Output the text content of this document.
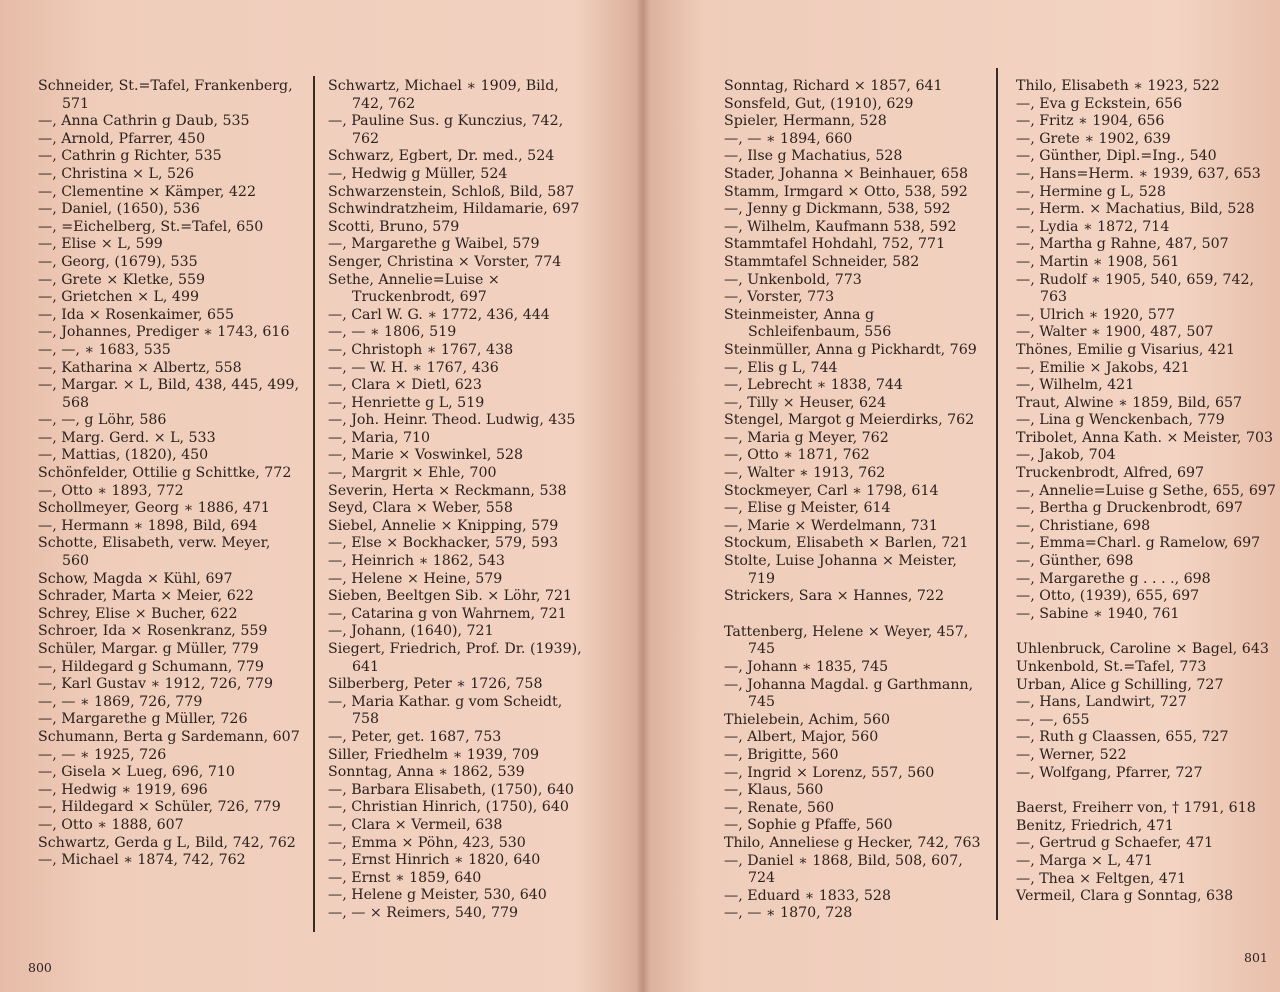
Schneider, St.=Tafel, Frankenberg, 571
—, Anna Cathrin g Daub, 535
—, Arnold, Pfarrer, 450
—, Cathrin g Richter, 535
—, Christina × L, 526
—, Clementine × Kämper, 422
—, Daniel, (1650), 536
—, =Eichelberg, St.=Tafel, 650
—, Elise × L, 599
—, Georg, (1679), 535
—, Grete × Kletke, 559
—, Grietchen × L, 499
—, Ida × Rosenkaimer, 655
—, Johannes, Prediger ∗ 1743, 616
—, —, ∗ 1683, 535
—, Katharina × Albertz, 558
—, Margar. × L, Bild, 438, 445, 499, 568
—, —, g Löhr, 586
—, Marg. Gerd. × L, 533
—, Mattias, (1820), 450
Schönfelder, Ottilie g Schittke, 772
—, Otto ∗ 1893, 772
Schollmeyer, Georg ∗ 1886, 471
—, Hermann ∗ 1898, Bild, 694
Schotte, Elisabeth, verw. Meyer, 560
Schow, Magda × Kühl, 697
Schrader, Marta × Meier, 622
Schrey, Elise × Bucher, 622
Schroer, Ida × Rosenkranz, 559
Schüler, Margar. g Müller, 779
—, Hildegard g Schumann, 779
—, Karl Gustav ∗ 1912, 726, 779
—, — ∗ 1869, 726, 779
—, Margarethe g Müller, 726
Schumann, Berta g Sardemann, 607
—, — ∗ 1925, 726
—, Gisela × Lueg, 696, 710
—, Hedwig ∗ 1919, 696
—, Hildegard × Schüler, 726, 779
—, Otto ∗ 1888, 607
Schwartz, Gerda g L, Bild, 742, 762
—, Michael ∗ 1874, 742, 762
Schwartz, Michael ∗ 1909, Bild, 742, 762
—, Pauline Sus. g Kunczius, 742, 762
Schwarz, Egbert, Dr. med., 524
—, Hedwig g Müller, 524
Schwarzenstein, Schloß, Bild, 587
Schwindratzheim, Hildamarie, 697
Scotti, Bruno, 579
—, Margarethe g Waibel, 579
Senger, Christina × Vorster, 774
Sethe, Annelie=Luise × Truckenbrodt, 697
—, Carl W. G. ∗ 1772, 436, 444
—, — ∗ 1806, 519
—, Christoph ∗ 1767, 438
—, — W. H. ∗ 1767, 436
—, Clara × Dietl, 623
—, Henriette g L, 519
—, Joh. Heinr. Theod. Ludwig, 435
—, Maria, 710
—, Marie × Voswinkel, 528
—, Margrit × Ehle, 700
Severin, Herta × Reckmann, 538
Seyd, Clara × Weber, 558
Siebel, Annelie × Knipping, 579
—, Else × Bockhacker, 579, 593
—, Heinrich ∗ 1862, 543
—, Helene × Heine, 579
Sieben, Beeltgen Sib. × Löhr, 721
—, Catarina g von Wahrnem, 721
—, Johann, (1640), 721
Siegert, Friedrich, Prof. Dr. (1939), 641
Silberberg, Peter ∗ 1726, 758
—, Maria Kathar. g vom Scheidt, 758
—, Peter, get. 1687, 753
Siller, Friedhelm ∗ 1939, 709
Sonntag, Anna ∗ 1862, 539
—, Barbara Elisabeth, (1750), 640
—, Christian Hinrich, (1750), 640
—, Clara × Vermeil, 638
—, Emma × Pöhn, 423, 530
—, Ernst Hinrich ∗ 1820, 640
—, Ernst ∗ 1859, 640
—, Helene g Meister, 530, 640
—, — × Reimers, 540, 779
800
Sonntag, Richard × 1857, 641
Sonsfeld, Gut, (1910), 629
Spieler, Hermann, 528
—, — ∗ 1894, 660
—, Ilse g Machatius, 528
Stader, Johanna × Beinhauer, 658
Stamm, Irmgard × Otto, 538, 592
—, Jenny g Dickmann, 538, 592
—, Wilhelm, Kaufmann 538, 592
Stammtafel Hohdahl, 752, 771
Stammtafel Schneider, 582
—, Unkenbold, 773
—, Vorster, 773
Steinmeister, Anna g Schleifenbaum, 556
Steinmüller, Anna g Pickhardt, 769
—, Elis g L, 744
—, Lebrecht ∗ 1838, 744
—, Tilly × Heuser, 624
Stengel, Margot g Meierdirks, 762
—, Maria g Meyer, 762
—, Otto ∗ 1871, 762
—, Walter ∗ 1913, 762
Stockmeyer, Carl ∗ 1798, 614
—, Elise g Meister, 614
—, Marie × Werdelmann, 731
Stockum, Elisabeth × Barlen, 721
Stolte, Luise Johanna × Meister, 719
Strickers, Sara × Hannes, 722
Tattenberg, Helene × Weyer, 457, 745
—, Johann ∗ 1835, 745
—, Johanna Magdal. g Garthmann, 745
Thielebein, Achim, 560
—, Albert, Major, 560
—, Brigitte, 560
—, Ingrid × Lorenz, 557, 560
—, Klaus, 560
—, Renate, 560
—, Sophie g Pfaffe, 560
Thilo, Anneliese g Hecker, 742, 763
—, Daniel ∗ 1868, Bild, 508, 607, 724
—, Eduard ∗ 1833, 528
—, — ∗ 1870, 728
Thilo, Elisabeth ∗ 1923, 522
—, Eva g Eckstein, 656
—, Fritz ∗ 1904, 656
—, Grete ∗ 1902, 639
—, Günther, Dipl.=Ing., 540
—, Hans=Herm. ∗ 1939, 637, 653
—, Hermine g L, 528
—, Herm. × Machatius, Bild, 528
—, Lydia ∗ 1872, 714
—, Martha g Rahne, 487, 507
—, Martin ∗ 1908, 561
—, Rudolf ∗ 1905, 540, 659, 742, 763
—, Ulrich ∗ 1920, 577
—, Walter ∗ 1900, 487, 507
Thönes, Emilie g Visarius, 421
—, Emilie × Jakobs, 421
—, Wilhelm, 421
Traut, Alwine ∗ 1859, Bild, 657
—, Lina g Wenckenbach, 779
Tribolet, Anna Kath. × Meister, 703
—, Jakob, 704
Truckenbrodt, Alfred, 697
—, Annelie=Luise g Sethe, 655, 697
—, Bertha g Druckenbrodt, 697
—, Christiane, 698
—, Emma=Charl. g Ramelow, 697
—, Günther, 698
—, Margarethe g . . . ., 698
—, Otto, (1939), 655, 697
—, Sabine ∗ 1940, 761
Uhlenbruck, Caroline × Bagel, 643
Unkenbold, St.=Tafel, 773
Urban, Alice g Schilling, 727
—, Hans, Landwirt, 727
—, —, 655
—, Ruth g Claassen, 655, 727
—, Werner, 522
—, Wolfgang, Pfarrer, 727
Baerst, Freiherr von, † 1791, 618
Benitz, Friedrich, 471
—, Gertrud g Schaefer, 471
—, Marga × L, 471
—, Thea × Feltgen, 471
Vermeil, Clara g Sonntag, 638
801
